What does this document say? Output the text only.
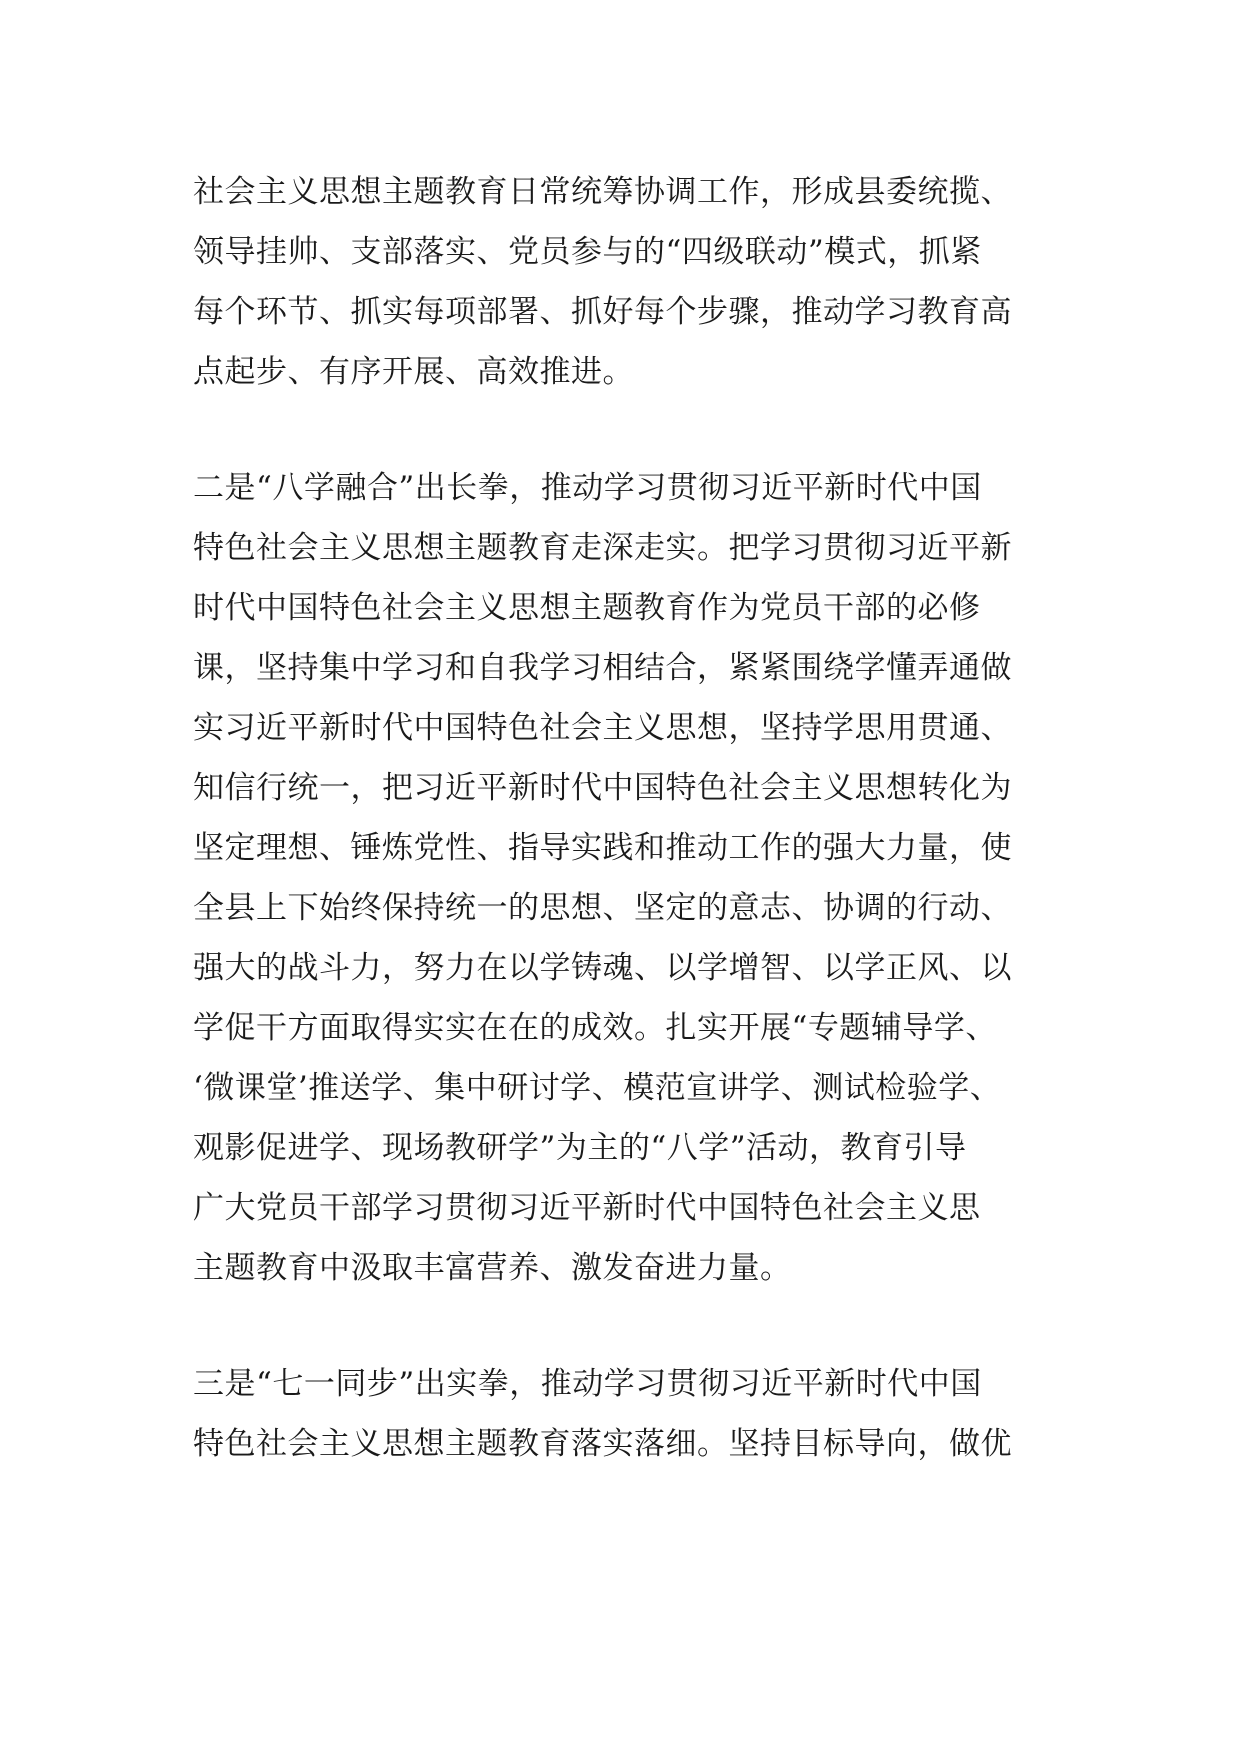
社会主义思想主题教育日常统筹协调工作，形成县委统揽、
领导挂帅、支部落实、党员参与的“四级联动”模式，抓紧
每个环节、抓实每项部署、抓好每个步骤，推动学习教育高
点起步、有序开展、高效推进。
二是“八学融合”出长拳，推动学习贯彻习近平新时代中国
特色社会主义思想主题教育走深走实。把学习贯彻习近平新
时代中国特色社会主义思想主题教育作为党员干部的必修
课，坚持集中学习和自我学习相结合，紧紧围绕学懂弄通做
实习近平新时代中国特色社会主义思想，坚持学思用贯通、
知信行统一，把习近平新时代中国特色社会主义思想转化为
坚定理想、锤炼党性、指导实践和推动工作的强大力量，使
全县上下始终保持统一的思想、坚定的意志、协调的行动、
强大的战斗力，努力在以学铸魂、以学增智、以学正风、以
学促干方面取得实实在在的成效。扎实开展“专题辅导学、
‘微课堂’推送学、集中研讨学、模范宣讲学、测试检验学、
观影促进学、现场教研学”为主的“八学”活动，教育引导
广大党员干部学习贯彻习近平新时代中国特色社会主义思
主题教育中汲取丰富营养、激发奋进力量。
三是“七一同步”出实拳，推动学习贯彻习近平新时代中国
特色社会主义思想主题教育落实落细。坚持目标导向，做优
